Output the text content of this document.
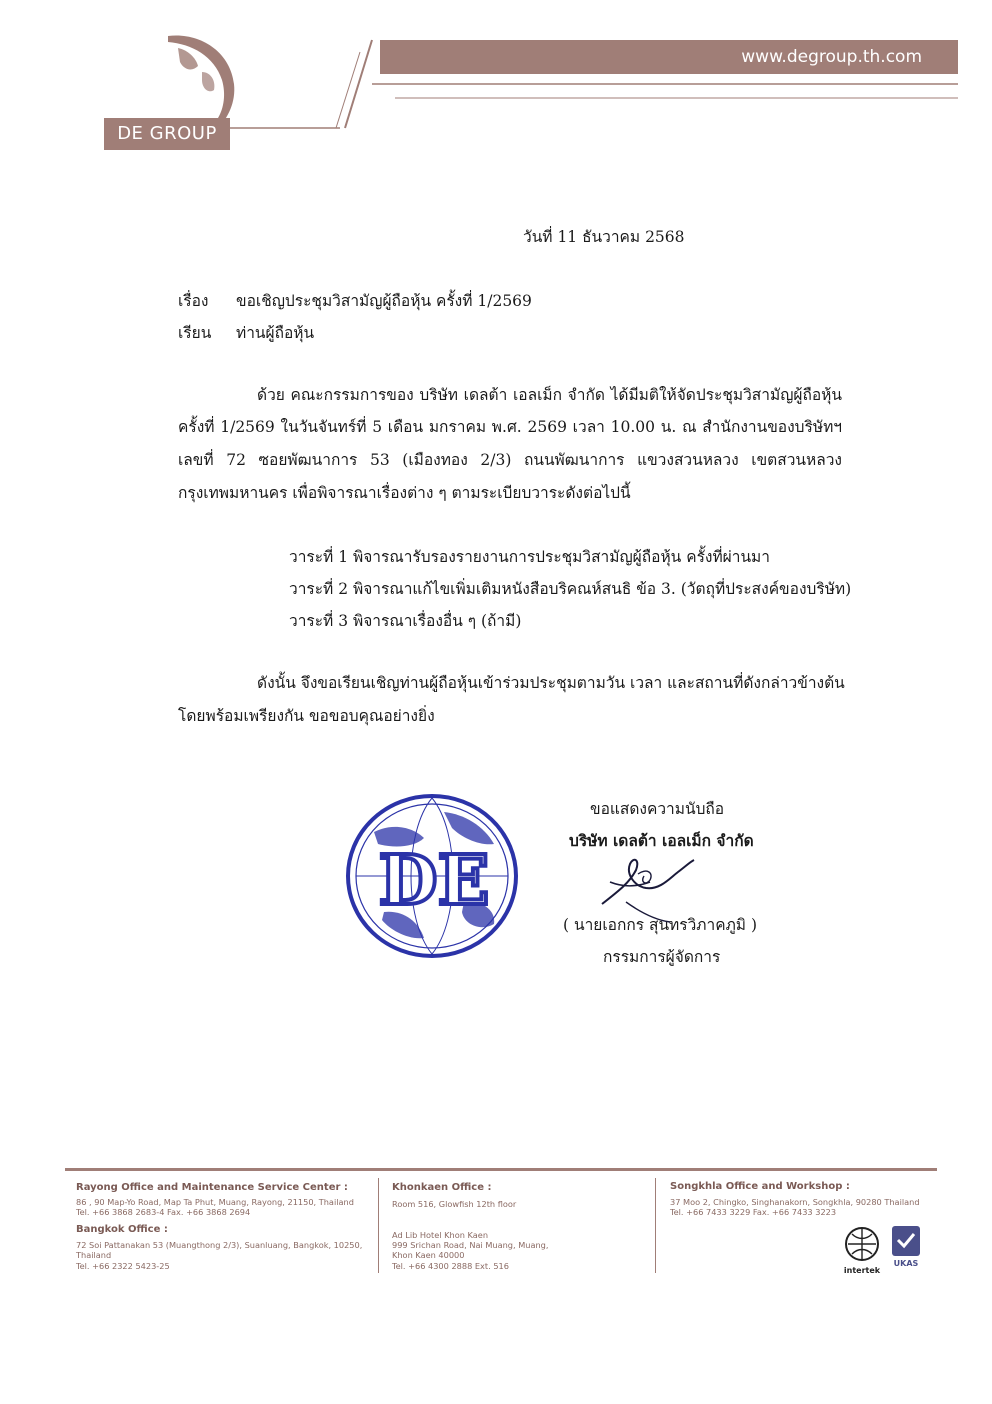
www.degroup.th.com
DE GROUP
วันที่ 11 ธันวาคม 2568
เรื่อง ขอเชิญประชุมวิสามัญผู้ถือหุ้น ครั้งที่ 1/2569
เรียน ท่านผู้ถือหุ้น
ด้วย คณะกรรมการของ บริษัท เดลต้า เอลเม็ก จำกัด ได้มีมติให้จัดประชุมวิสามัญผู้ถือหุ้น
ครั้งที่ 1/2569 ในวันจันทร์ที่ 5 เดือน มกราคม พ.ศ. 2569 เวลา 10.00 น. ณ สำนักงานของบริษัทฯ
เลขที่ 72 ซอยพัฒนาการ 53 (เมืองทอง 2/3) ถนนพัฒนาการ แขวงสวนหลวง เขตสวนหลวง
กรุงเทพมหานคร เพื่อพิจารณาเรื่องต่าง ๆ ตามระเบียบวาระดังต่อไปนี้
วาระที่ 1 พิจารณารับรองรายงานการประชุมวิสามัญผู้ถือหุ้น ครั้งที่ผ่านมา
วาระที่ 2 พิจารณาแก้ไขเพิ่มเติมหนังสือบริคณห์สนธิ ข้อ 3. (วัตถุที่ประสงค์ของบริษัท)
วาระที่ 3 พิจารณาเรื่องอื่น ๆ (ถ้ามี)
ดังนั้น จึงขอเรียนเชิญท่านผู้ถือหุ้นเข้าร่วมประชุมตามวัน เวลา และสถานที่ดังกล่าวข้างต้น
โดยพร้อมเพรียงกัน ขอขอบคุณอย่างยิ่ง
ขอแสดงความนับถือ
บริษัท เดลต้า เอลเม็ก จำกัด
( นายเอกกร สุนทรวิภาคภูมิ )
กรรมการผู้จัดการ
DE
Rayong Office and Maintenance Service Center :
86 , 90 Map-Yo Road, Map Ta Phut, Muang, Rayong, 21150, Thailand
Tel. +66 3868 2683-4 Fax. +66 3868 2694
Bangkok Office :
72 Soi Pattanakan 53 (Muangthong 2/3), Suanluang, Bangkok, 10250,
Thailand
Tel. +66 2322 5423-25
Khonkaen Office :
Room 516, Glowfish 12th floor
Ad Lib Hotel Khon Kaen
999 Srichan Road, Nai Muang, Muang,
Khon Kaen 40000
Tel. +66 4300 2888 Ext. 516
Songkhla Office and Workshop :
37 Moo 2, Chingko, Singhanakorn, Songkhla, 90280 Thailand
Tel. +66 7433 3229 Fax. +66 7433 3223
intertek
UKAS
